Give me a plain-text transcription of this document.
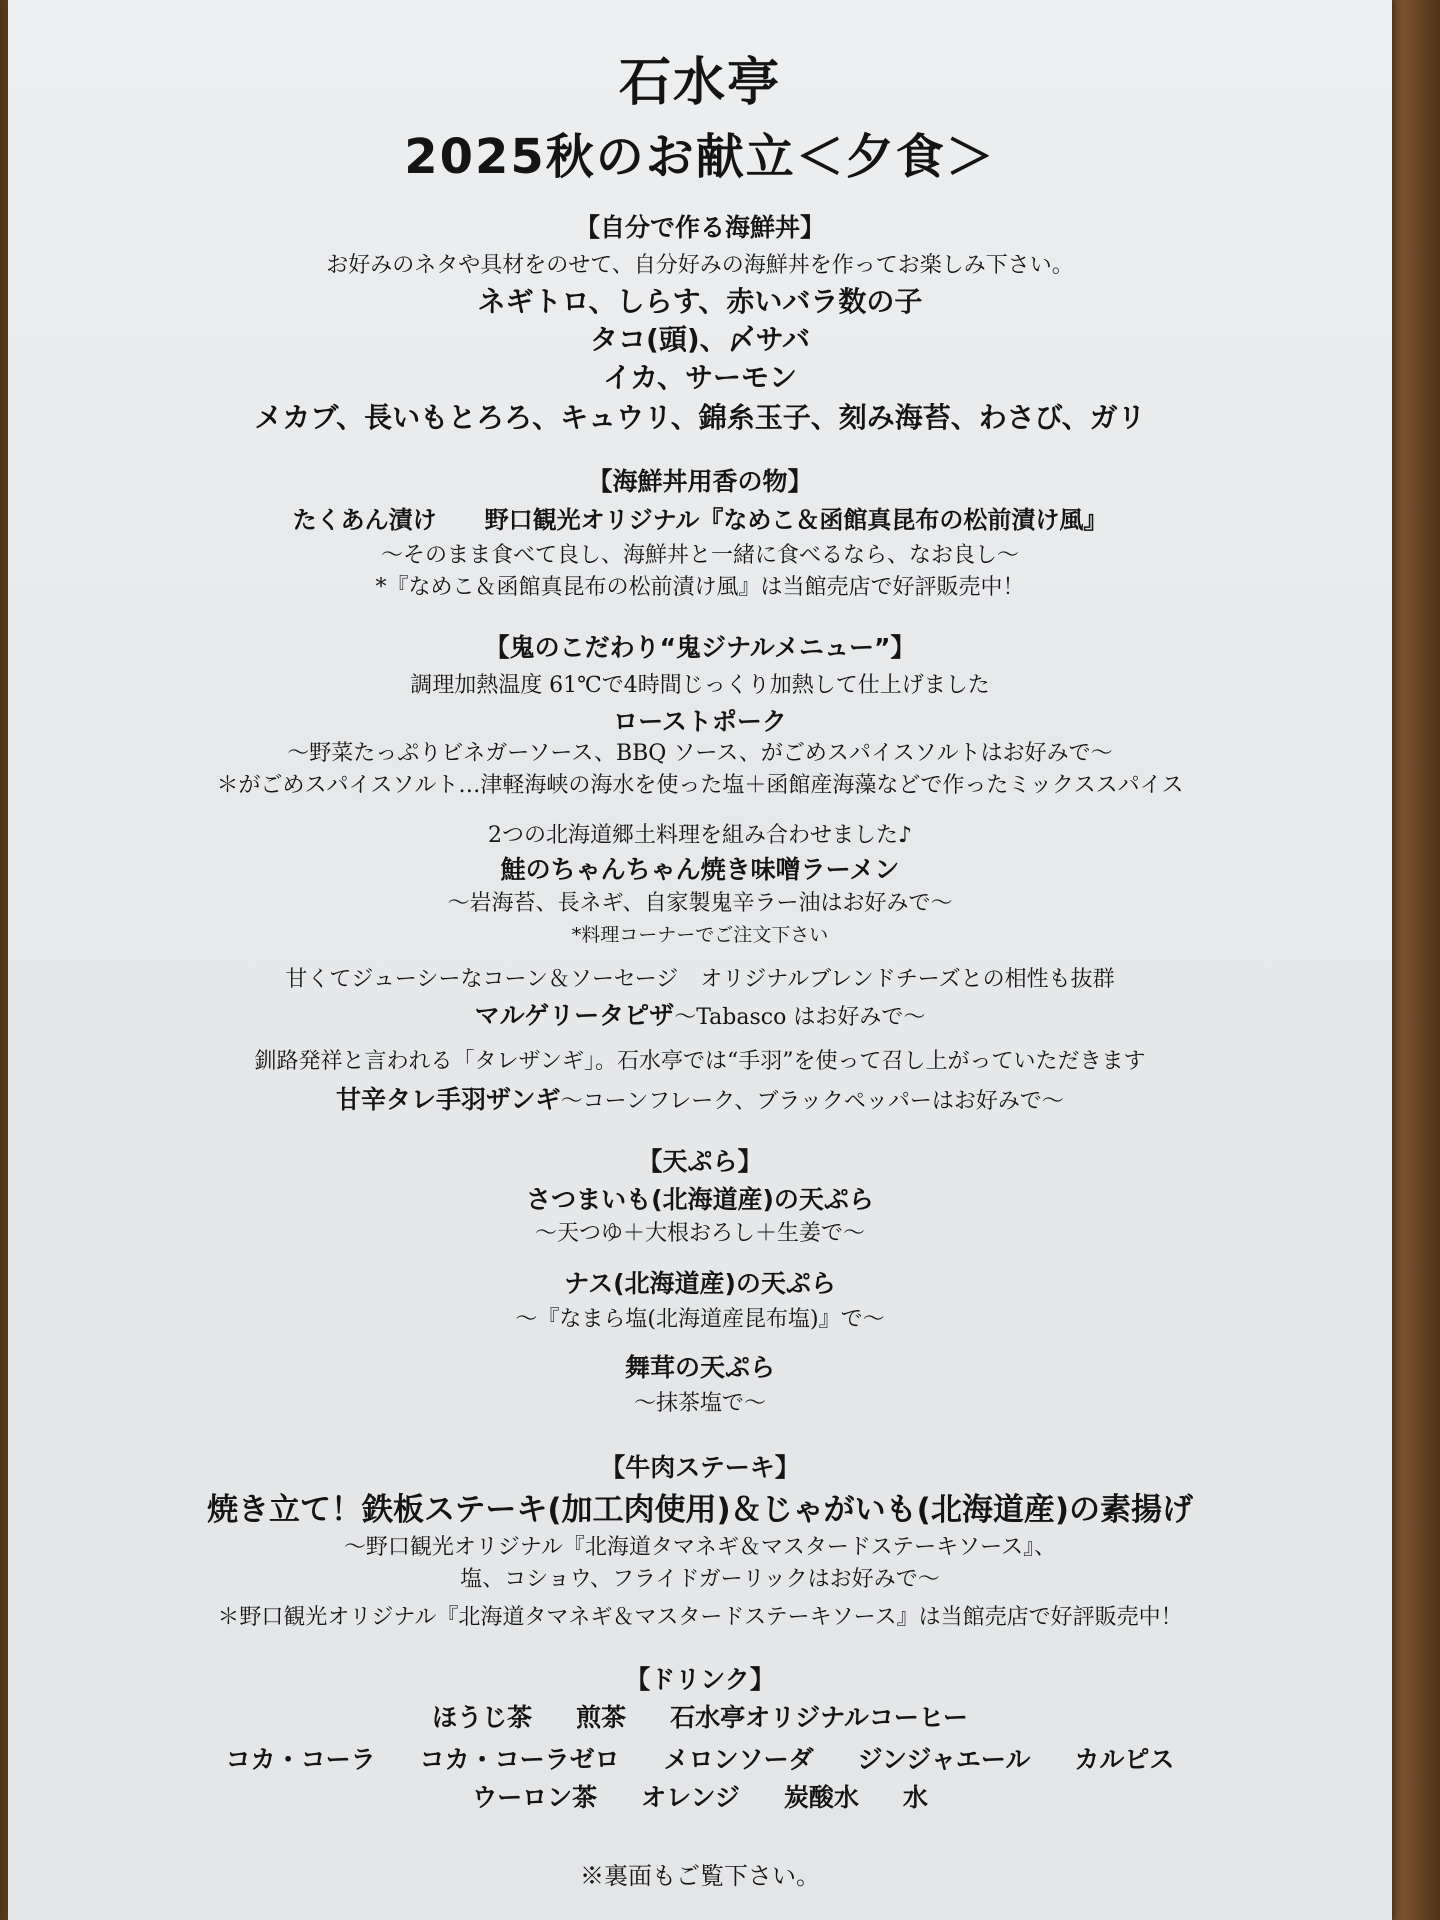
石水亭
2025秋のお献立＜夕食＞
【自分で作る海鮮丼】
お好みのネタや具材をのせて、自分好みの海鮮丼を作ってお楽しみ下さい。
ネギトロ、しらす、赤いバラ数の子
タコ(頭)、〆サバ
イカ、サーモン
メカブ、長いもとろろ、キュウリ、錦糸玉子、刻み海苔、わさび、ガリ
【海鮮丼用香の物】
たくあん漬け　　野口観光オリジナル『なめこ＆函館真昆布の松前漬け風』
～そのまま食べて良し、海鮮丼と一緒に食べるなら、なお良し～
*『なめこ＆函館真昆布の松前漬け風』は当館売店で好評販売中！
【鬼のこだわり“鬼ジナルメニュー”】
調理加熱温度 61℃で4時間じっくり加熱して仕上げました
ローストポーク
～野菜たっぷりビネガーソース、BBQ ソース、がごめスパイスソルトはお好みで～
＊がごめスパイスソルト…津軽海峡の海水を使った塩＋函館産海藻などで作ったミックススパイス
2つの北海道郷土料理を組み合わせました♪
鮭のちゃんちゃん焼き味噌ラーメン
～岩海苔、長ネギ、自家製鬼辛ラー油はお好みで～
*料理コーナーでご注文下さい
甘くてジューシーなコーン＆ソーセージ　オリジナルブレンドチーズとの相性も抜群
マルゲリータピザ～Tabasco はお好みで～
釧路発祥と言われる「タレザンギ」。石水亭では“手羽”を使って召し上がっていただきます
甘辛タレ手羽ザンギ～コーンフレーク、ブラックペッパーはお好みで～
【天ぷら】
さつまいも(北海道産)の天ぷら
～天つゆ＋大根おろし＋生姜で～
ナス(北海道産)の天ぷら
～『なまら塩(北海道産昆布塩)』で～
舞茸の天ぷら
～抹茶塩で～
【牛肉ステーキ】
焼き立て！鉄板ステーキ(加工肉使用)＆じゃがいも(北海道産)の素揚げ
～野口観光オリジナル『北海道タマネギ＆マスタードステーキソース』、
塩、コショウ、フライドガーリックはお好みで～
＊野口観光オリジナル『北海道タマネギ＆マスタードステーキソース』は当館売店で好評販売中！
【ドリンク】
ほうじ茶 煎茶 石水亭オリジナルコーヒー
コカ・コーラ コカ・コーラゼロ メロンソーダ ジンジャエール カルピス
ウーロン茶 オレンジ 炭酸水 水
※裏面もご覧下さい。
